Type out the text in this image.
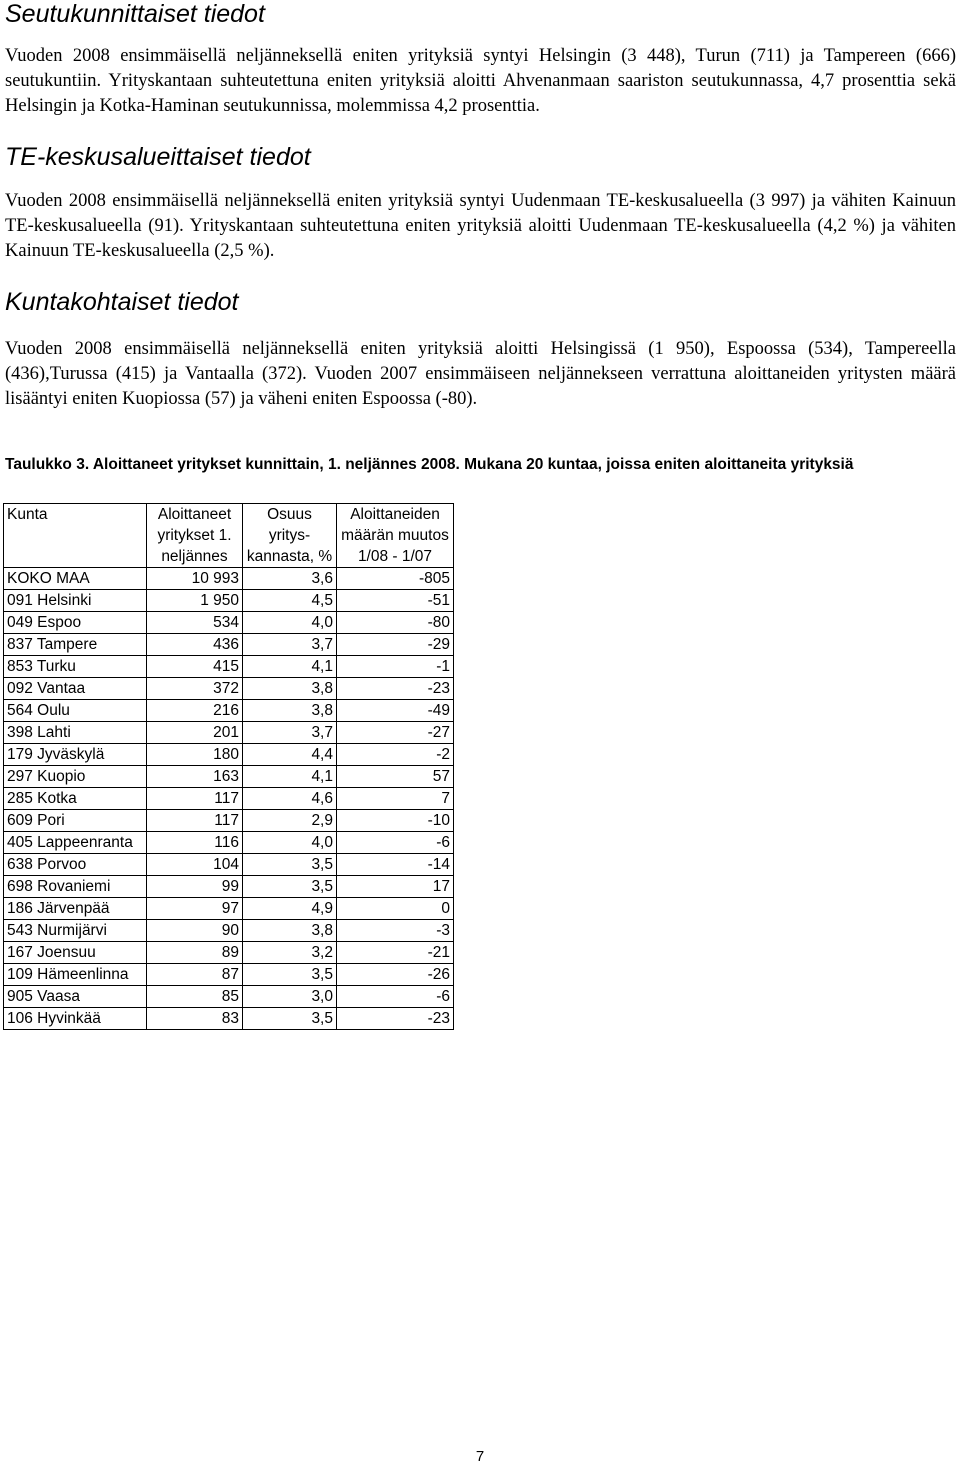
Seutukunnittaiset tiedot

Vuoden 2008 ensimmäisellä neljänneksellä eniten yrityksiä syntyi Helsingin (3 448), Turun (711) ja Tampereen (666) seutukuntiin. Yrityskantaan suhteutettuna eniten yrityksiä aloitti Ahvenanmaan saariston seutukunnassa, 4,7 prosenttia sekä Helsingin ja Kotka-Haminan seutukunnissa, molemmissa 4,2 prosenttia.

TE-keskusalueittaiset tiedot

Vuoden 2008 ensimmäisellä neljänneksellä eniten yrityksiä syntyi Uudenmaan TE-keskusalueella (3 997) ja vähiten Kainuun TE-keskusalueella (91). Yrityskantaan suhteutettuna eniten yrityksiä aloitti Uudenmaan TE-keskusalueella (4,2 %) ja vähiten Kainuun TE-keskusalueella (2,5 %).

Kuntakohtaiset tiedot

Vuoden 2008 ensimmäisellä neljänneksellä eniten yrityksiä aloitti Helsingissä (1 950), Espoossa (534), Tampereella (436),Turussa (415) ja Vantaalla (372). Vuoden 2007 ensimmäiseen neljännekseen verrattuna aloittaneiden yritysten määrä lisääntyi eniten Kuopiossa (57) ja väheni eniten Espoossa (-80).

Taulukko 3. Aloittaneet yritykset kunnittain, 1. neljännes 2008. Mukana 20 kuntaa, joissa eniten aloittaneita yrityksiä

Kunta	Aloittaneet yritykset 1. neljännes	Osuus yritys- kannasta, %	Aloittaneiden määrän muutos 1/08 - 1/07
KOKO MAA	10 993	3,6	-805
091 Helsinki	1 950	4,5	-51
049 Espoo	534	4,0	-80
837 Tampere	436	3,7	-29
853 Turku	415	4,1	-1
092 Vantaa	372	3,8	-23
564 Oulu	216	3,8	-49
398 Lahti	201	3,7	-27
179 Jyväskylä	180	4,4	-2
297 Kuopio	163	4,1	57
285 Kotka	117	4,6	7
609 Pori	117	2,9	-10
405 Lappeenranta	116	4,0	-6
638 Porvoo	104	3,5	-14
698 Rovaniemi	99	3,5	17
186 Järvenpää	97	4,9	0
543 Nurmijärvi	90	3,8	-3
167 Joensuu	89	3,2	-21
109 Hämeenlinna	87	3,5	-26
905 Vaasa	85	3,0	-6
106 Hyvinkää	83	3,5	-23
7
